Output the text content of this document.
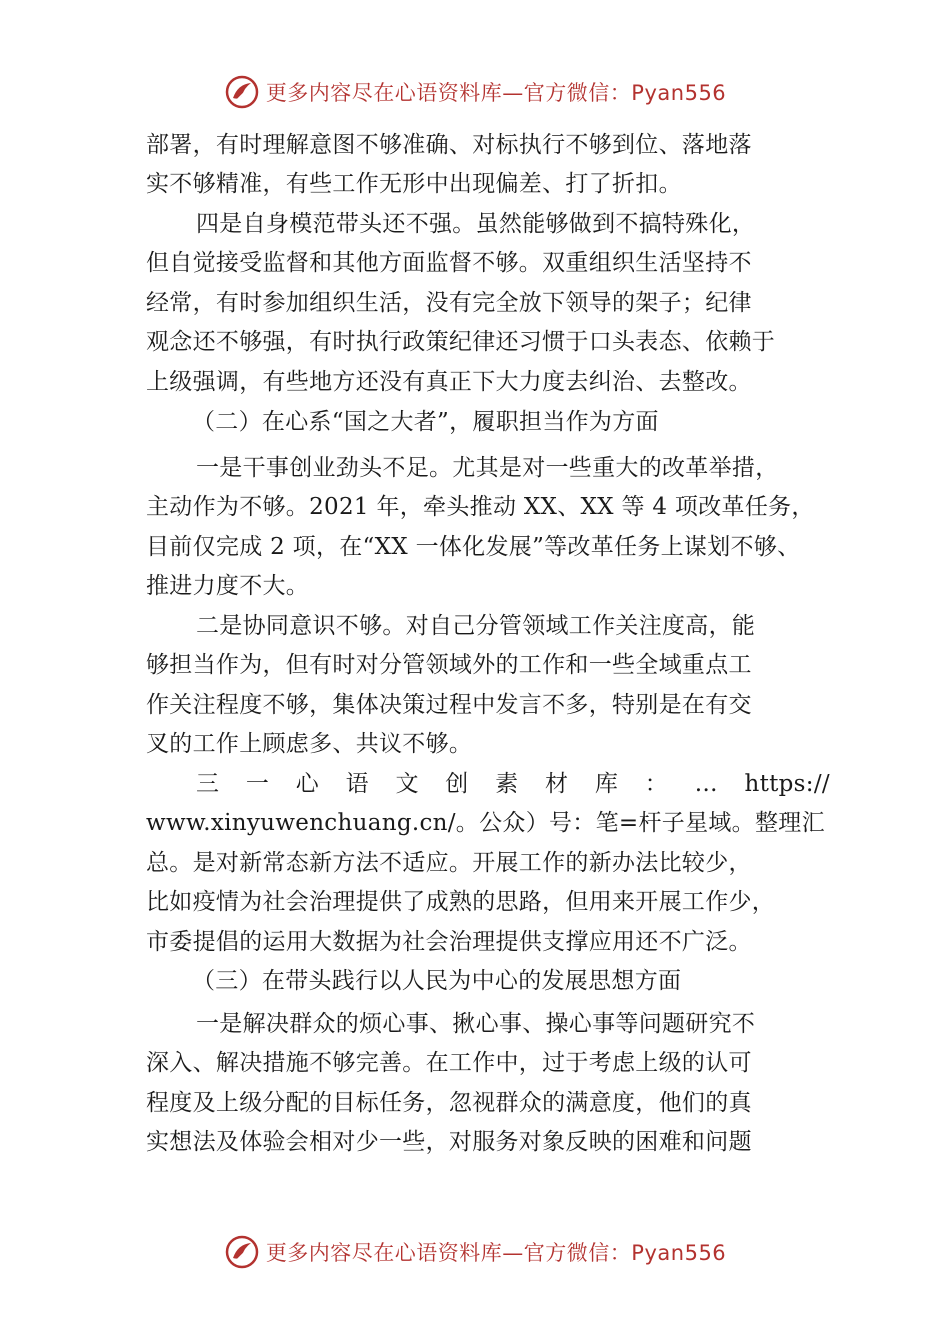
更多内容尽在心语资料库—官方微信：Pyan556
部署，有时理解意图不够准确、对标执行不够到位、落地落
实不够精准，有些工作无形中出现偏差、打了折扣。
四是自身模范带头还不强。虽然能够做到不搞特殊化，
但自觉接受监督和其他方面监督不够。双重组织生活坚持不
经常，有时参加组织生活，没有完全放下领导的架子；纪律
观念还不够强，有时执行政策纪律还习惯于口头表态、依赖于
上级强调，有些地方还没有真正下大力度去纠治、去整改。
（二）在心系“国之大者”，履职担当作为方面
一是干事创业劲头不足。尤其是对一些重大的改革举措，
主动作为不够。2021 年，牵头推动 XX、XX 等 4 项改革任务，
目前仅完成 2 项，在“XX 一体化发展”等改革任务上谋划不够、
推进力度不大。
二是协同意识不够。对自己分管领域工作关注度高，能
够担当作为，但有时对分管领域外的工作和一些全域重点工
作关注程度不够，集体决策过程中发言不多，特别是在有交
叉的工作上顾虑多、共议不够。
三 一 心 语 文 创 素 材 库 ： … https://
www.xinyuwenchuang.cn/。公众）号：笔=杆子星域。整理汇
总。是对新常态新方法不适应。开展工作的新办法比较少，
比如疫情为社会治理提供了成熟的思路，但用来开展工作少，
市委提倡的运用大数据为社会治理提供支撑应用还不广泛。
（三）在带头践行以人民为中心的发展思想方面
一是解决群众的烦心事、揪心事、操心事等问题研究不
深入、解决措施不够完善。在工作中，过于考虑上级的认可
程度及上级分配的目标任务，忽视群众的满意度，他们的真
实想法及体验会相对少一些，对服务对象反映的困难和问题
更多内容尽在心语资料库—官方微信：Pyan556
